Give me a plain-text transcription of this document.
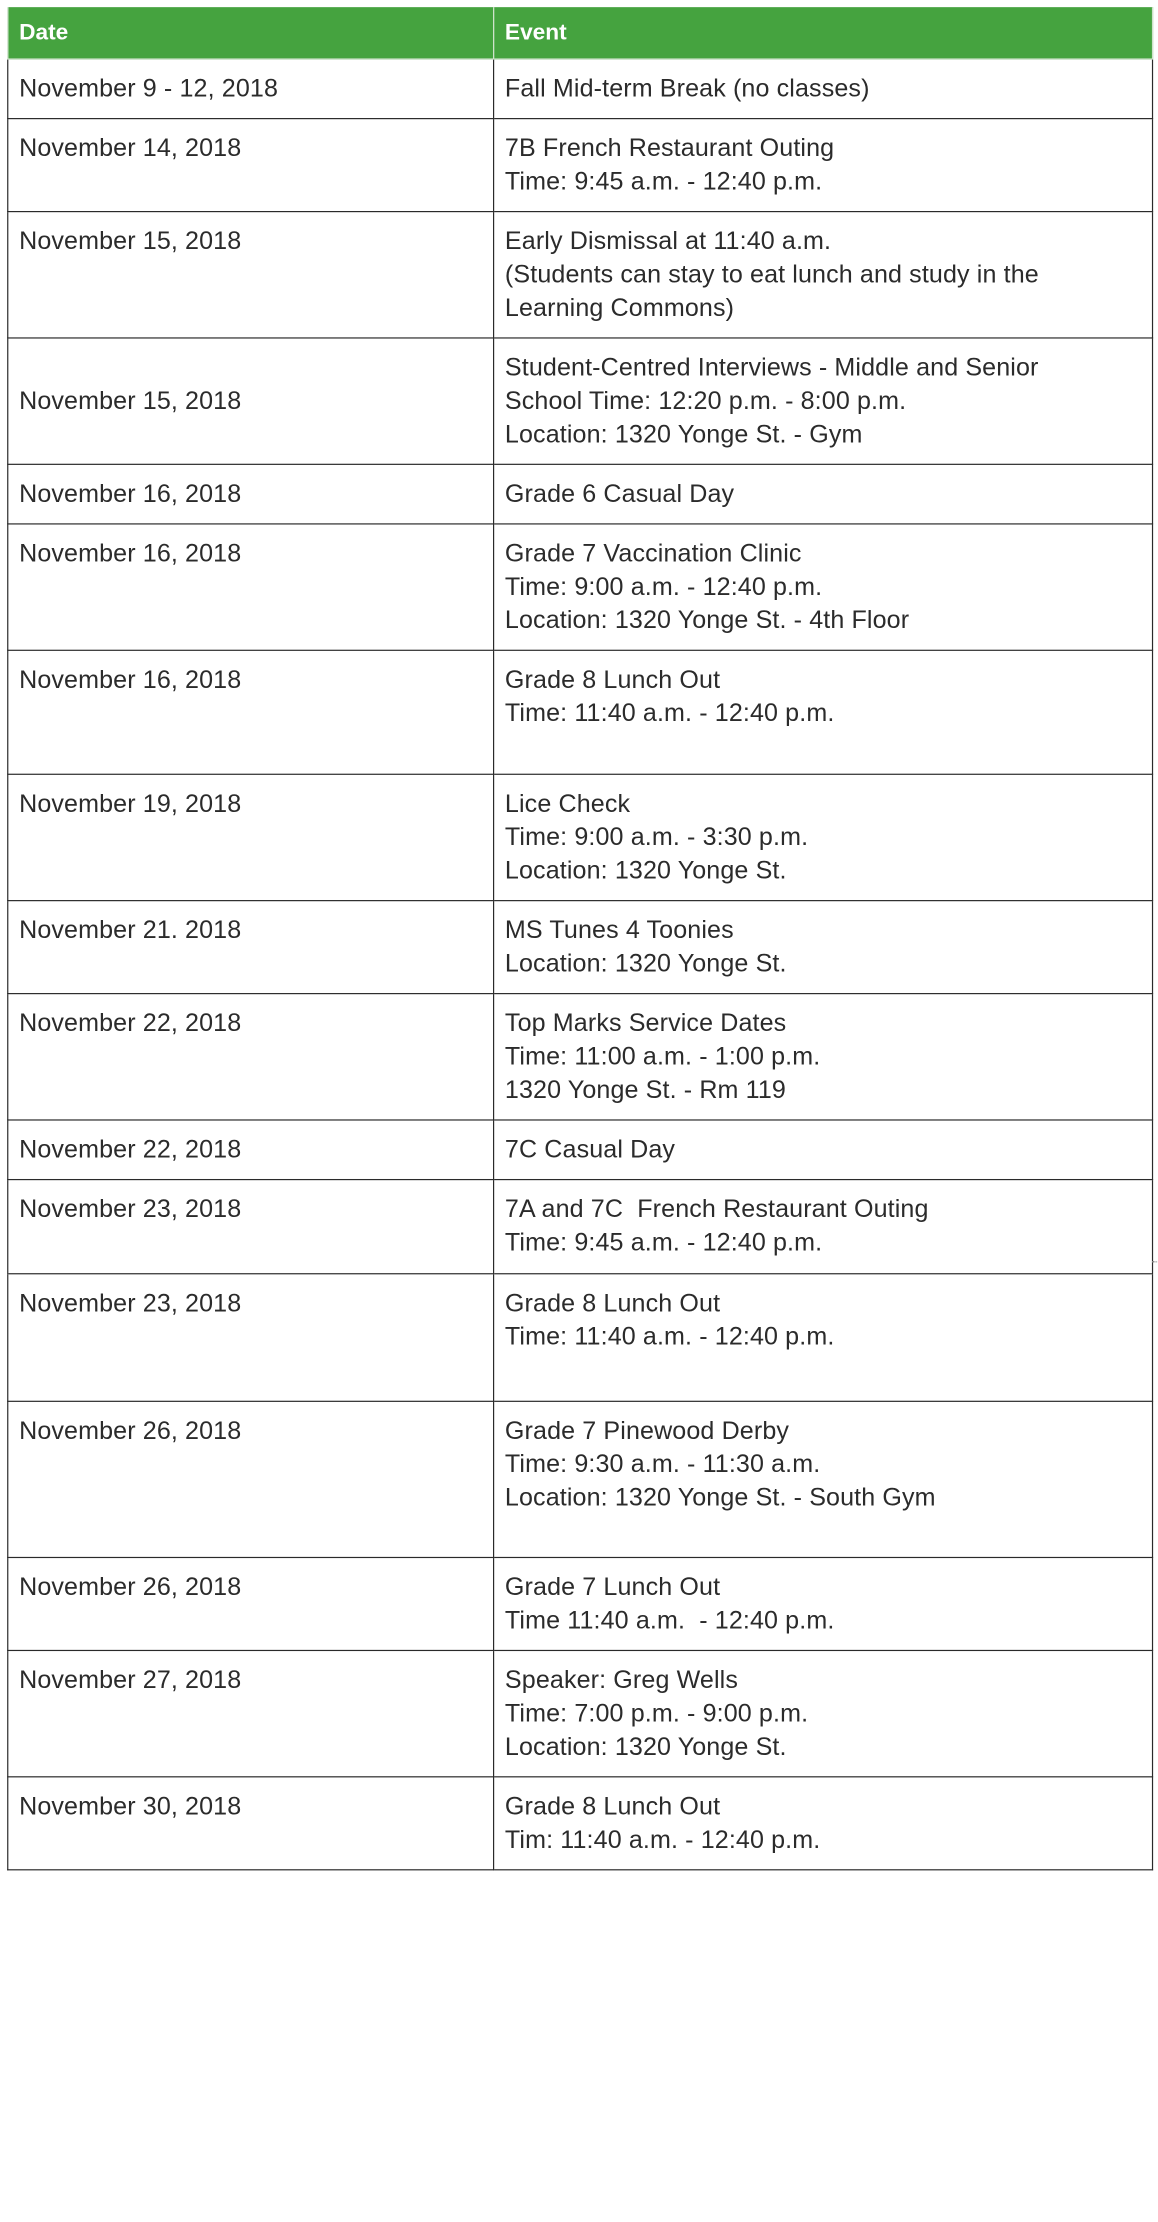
Date	Event
November 9 - 12, 2018	Fall Mid-term Break (no classes)

November 14, 2018	7B French Restaurant Outing
Time: 9:45 a.m. - 12:40 p.m.

November 15, 2018	Early Dismissal at 11:40 a.m.
(Students can stay to eat lunch and study in the
Learning Commons)

November 15, 2018	Student-Centred Interviews - Middle and Senior
School Time: 12:20 p.m. - 8:00 p.m.
Location: 1320 Yonge St. - Gym

November 16, 2018	Grade 6 Casual Day

November 16, 2018	Grade 7 Vaccination Clinic
Time: 9:00 a.m. - 12:40 p.m.
Location: 1320 Yonge St. - 4th Floor

November 16, 2018	Grade 8 Lunch Out
Time: 11:40 a.m. - 12:40 p.m.

November 19, 2018	Lice Check
Time: 9:00 a.m. - 3:30 p.m.
Location: 1320 Yonge St.

November 21. 2018	MS Tunes 4 Toonies
Location: 1320 Yonge St.

November 22, 2018	Top Marks Service Dates
Time: 11:00 a.m. - 1:00 p.m.
1320 Yonge St. - Rm 119

November 22, 2018	7C Casual Day

November 23, 2018	7A and 7C  French Restaurant Outing
Time: 9:45 a.m. - 12:40 p.m.

November 23, 2018	Grade 8 Lunch Out
Time: 11:40 a.m. - 12:40 p.m.

November 26, 2018	Grade 7 Pinewood Derby
Time: 9:30 a.m. - 11:30 a.m.
Location: 1320 Yonge St. - South Gym

November 26, 2018	Grade 7 Lunch Out
Time 11:40 a.m.  - 12:40 p.m.

November 27, 2018	Speaker: Greg Wells
Time: 7:00 p.m. - 9:00 p.m.
Location: 1320 Yonge St.

November 30, 2018	Grade 8 Lunch Out
Tim: 11:40 a.m. - 12:40 p.m.
